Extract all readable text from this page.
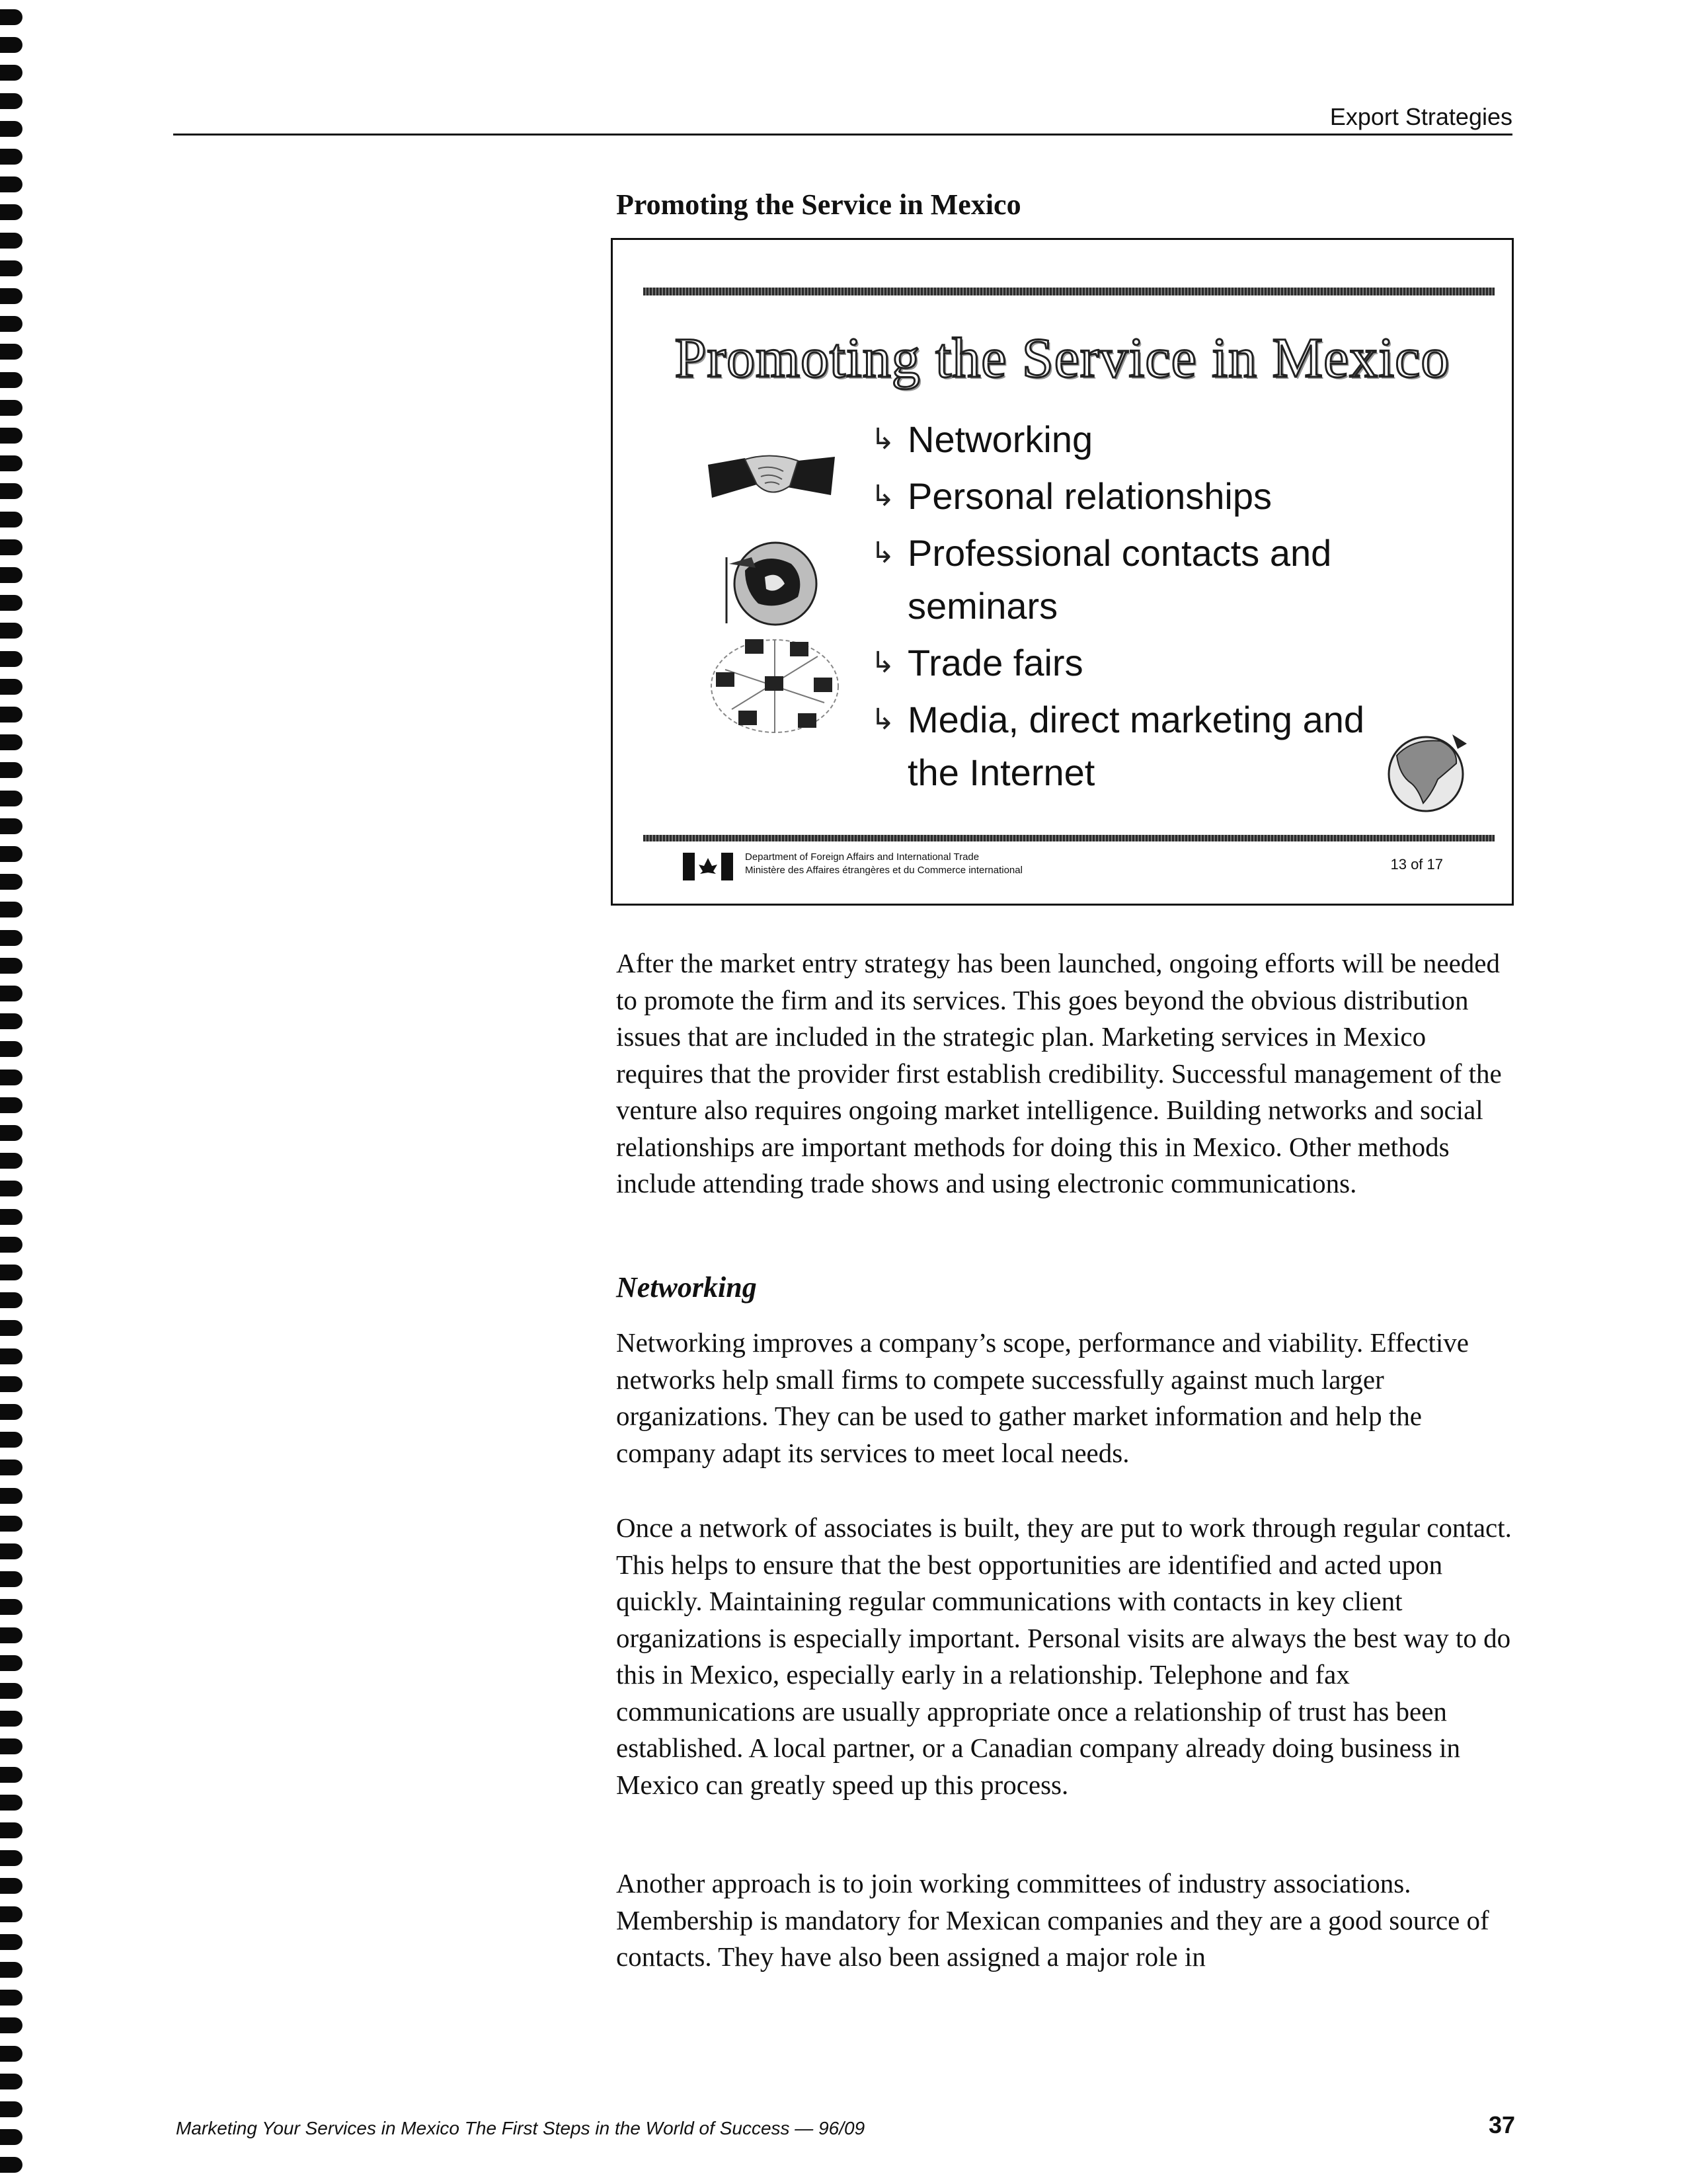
Export Strategies
Promoting the Service in Mexico
Promoting the Service in Mexico
↳ Networking
↳ Personal relationships
↳ Professional contacts and seminars
↳ Trade fairs
↳ Media, direct marketing and the Internet
Department of Foreign Affairs and International Trade
Ministère des Affaires étrangères et du Commerce international	13 of 17

After the market entry strategy has been launched, ongoing efforts will be needed to promote the firm and its services. This goes beyond the obvious distribution issues that are included in the strategic plan. Marketing services in Mexico requires that the provider first establish credibility. Successful management of the venture also requires ongoing market intelligence. Building networks and social relationships are important methods for doing this in Mexico. Other methods include attending trade shows and using electronic communications.

Networking

Networking improves a company’s scope, performance and viability. Effective networks help small firms to compete successfully against much larger organizations. They can be used to gather market information and help the company adapt its services to meet local needs.

Once a network of associates is built, they are put to work through regular contact. This helps to ensure that the best opportunities are identified and acted upon quickly. Maintaining regular communications with contacts in key client organizations is especially important. Personal visits are always the best way to do this in Mexico, especially early in a relationship. Telephone and fax communications are usually appropriate once a relationship of trust has been established. A local partner, or a Canadian company already doing business in Mexico can greatly speed up this process.

Another approach is to join working committees of industry associations. Membership is mandatory for Mexican companies and they are a good source of contacts. They have also been assigned a major role in

Marketing Your Services in Mexico The First Steps in the World of Success — 96/09	37
